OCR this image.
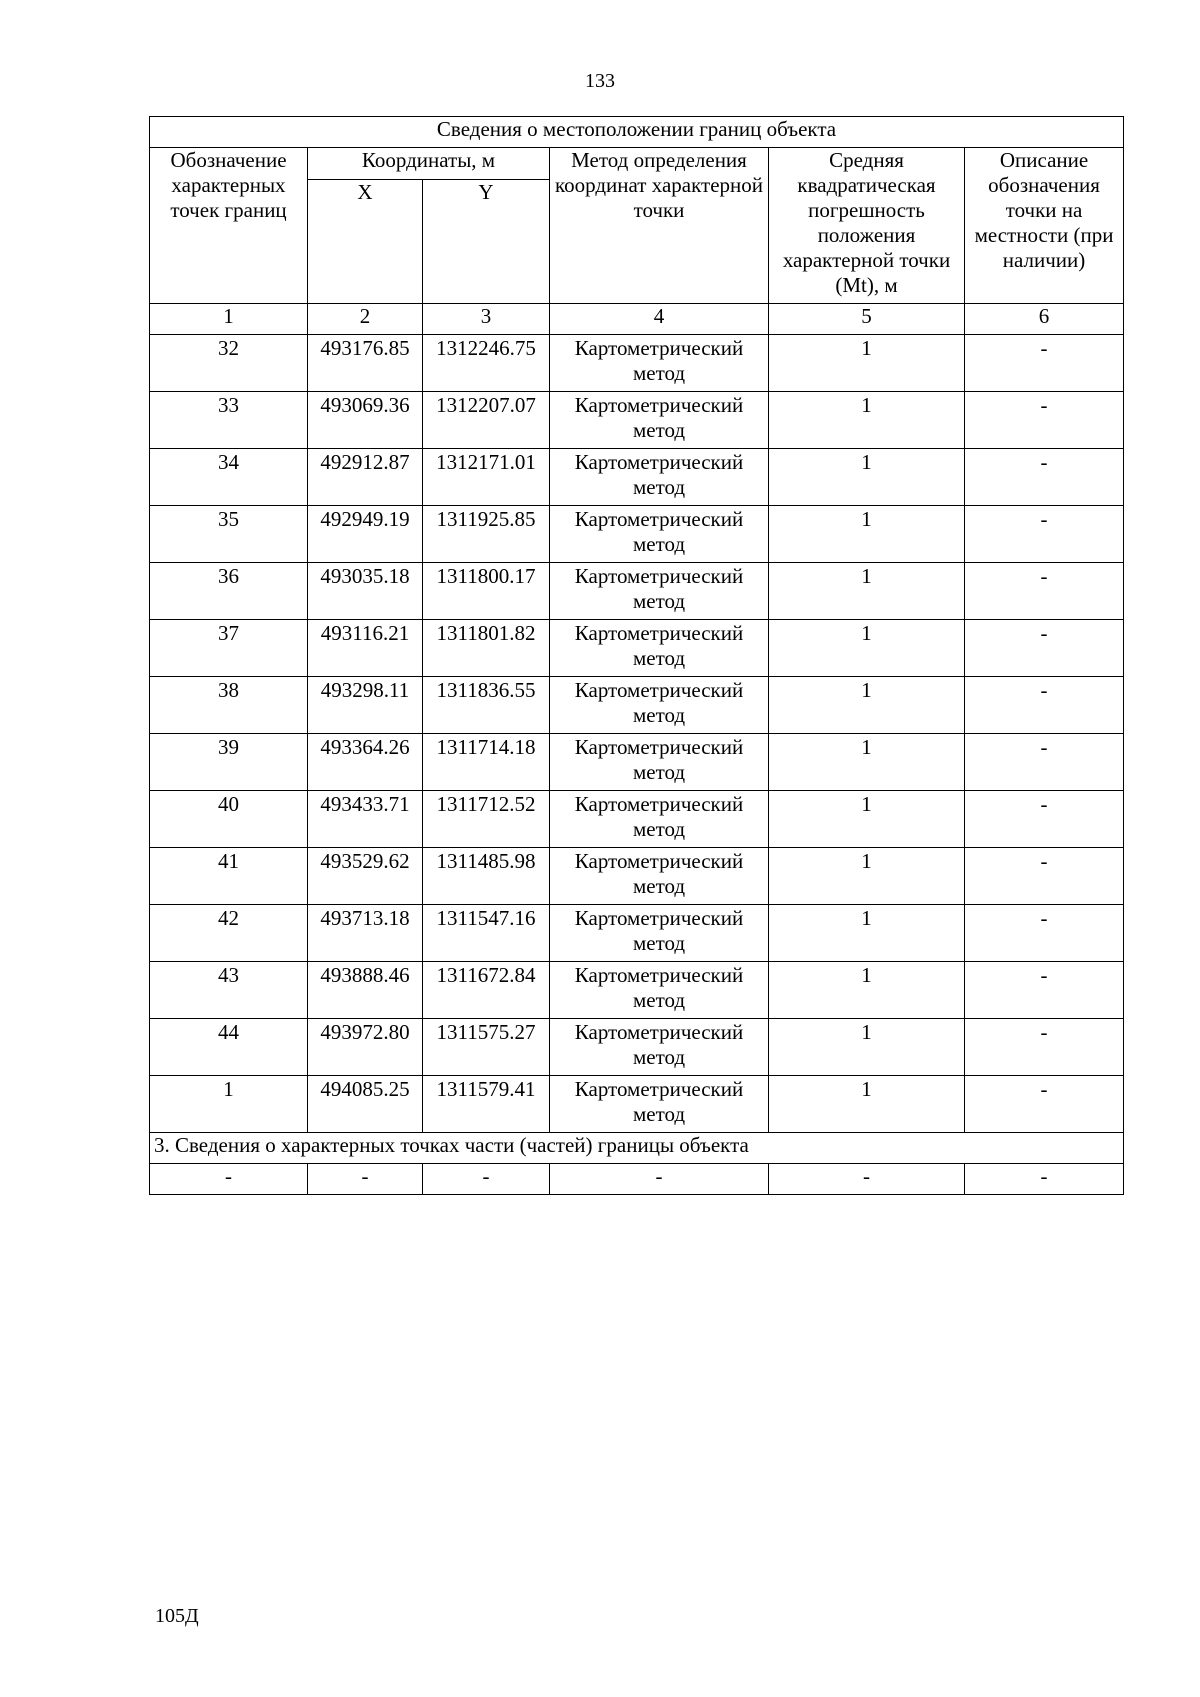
133
Сведения о местоположении границ объекта					
Обозначение характерных точек границ	Координаты, м		Метод определения координат характерной точки	Средняя квадратическая погрешность положения характерной точки (Mt), м	Описание обозначения точки на местности (при наличии)
	X	Y			
1	2	3	4	5	6
32	493176.85	1312246.75	Картометрический метод	1	-
33	493069.36	1312207.07	Картометрический метод	1	-
34	492912.87	1312171.01	Картометрический метод	1	-
35	492949.19	1311925.85	Картометрический метод	1	-
36	493035.18	1311800.17	Картометрический метод	1	-
37	493116.21	1311801.82	Картометрический метод	1	-
38	493298.11	1311836.55	Картометрический метод	1	-
39	493364.26	1311714.18	Картометрический метод	1	-
40	493433.71	1311712.52	Картометрический метод	1	-
41	493529.62	1311485.98	Картометрический метод	1	-
42	493713.18	1311547.16	Картометрический метод	1	-
43	493888.46	1311672.84	Картометрический метод	1	-
44	493972.80	1311575.27	Картометрический метод	1	-
1	494085.25	1311579.41	Картометрический метод	1	-
3. Сведения о характерных точках части (частей) границы объекта					
-	-	-	-	-	-
105Д
